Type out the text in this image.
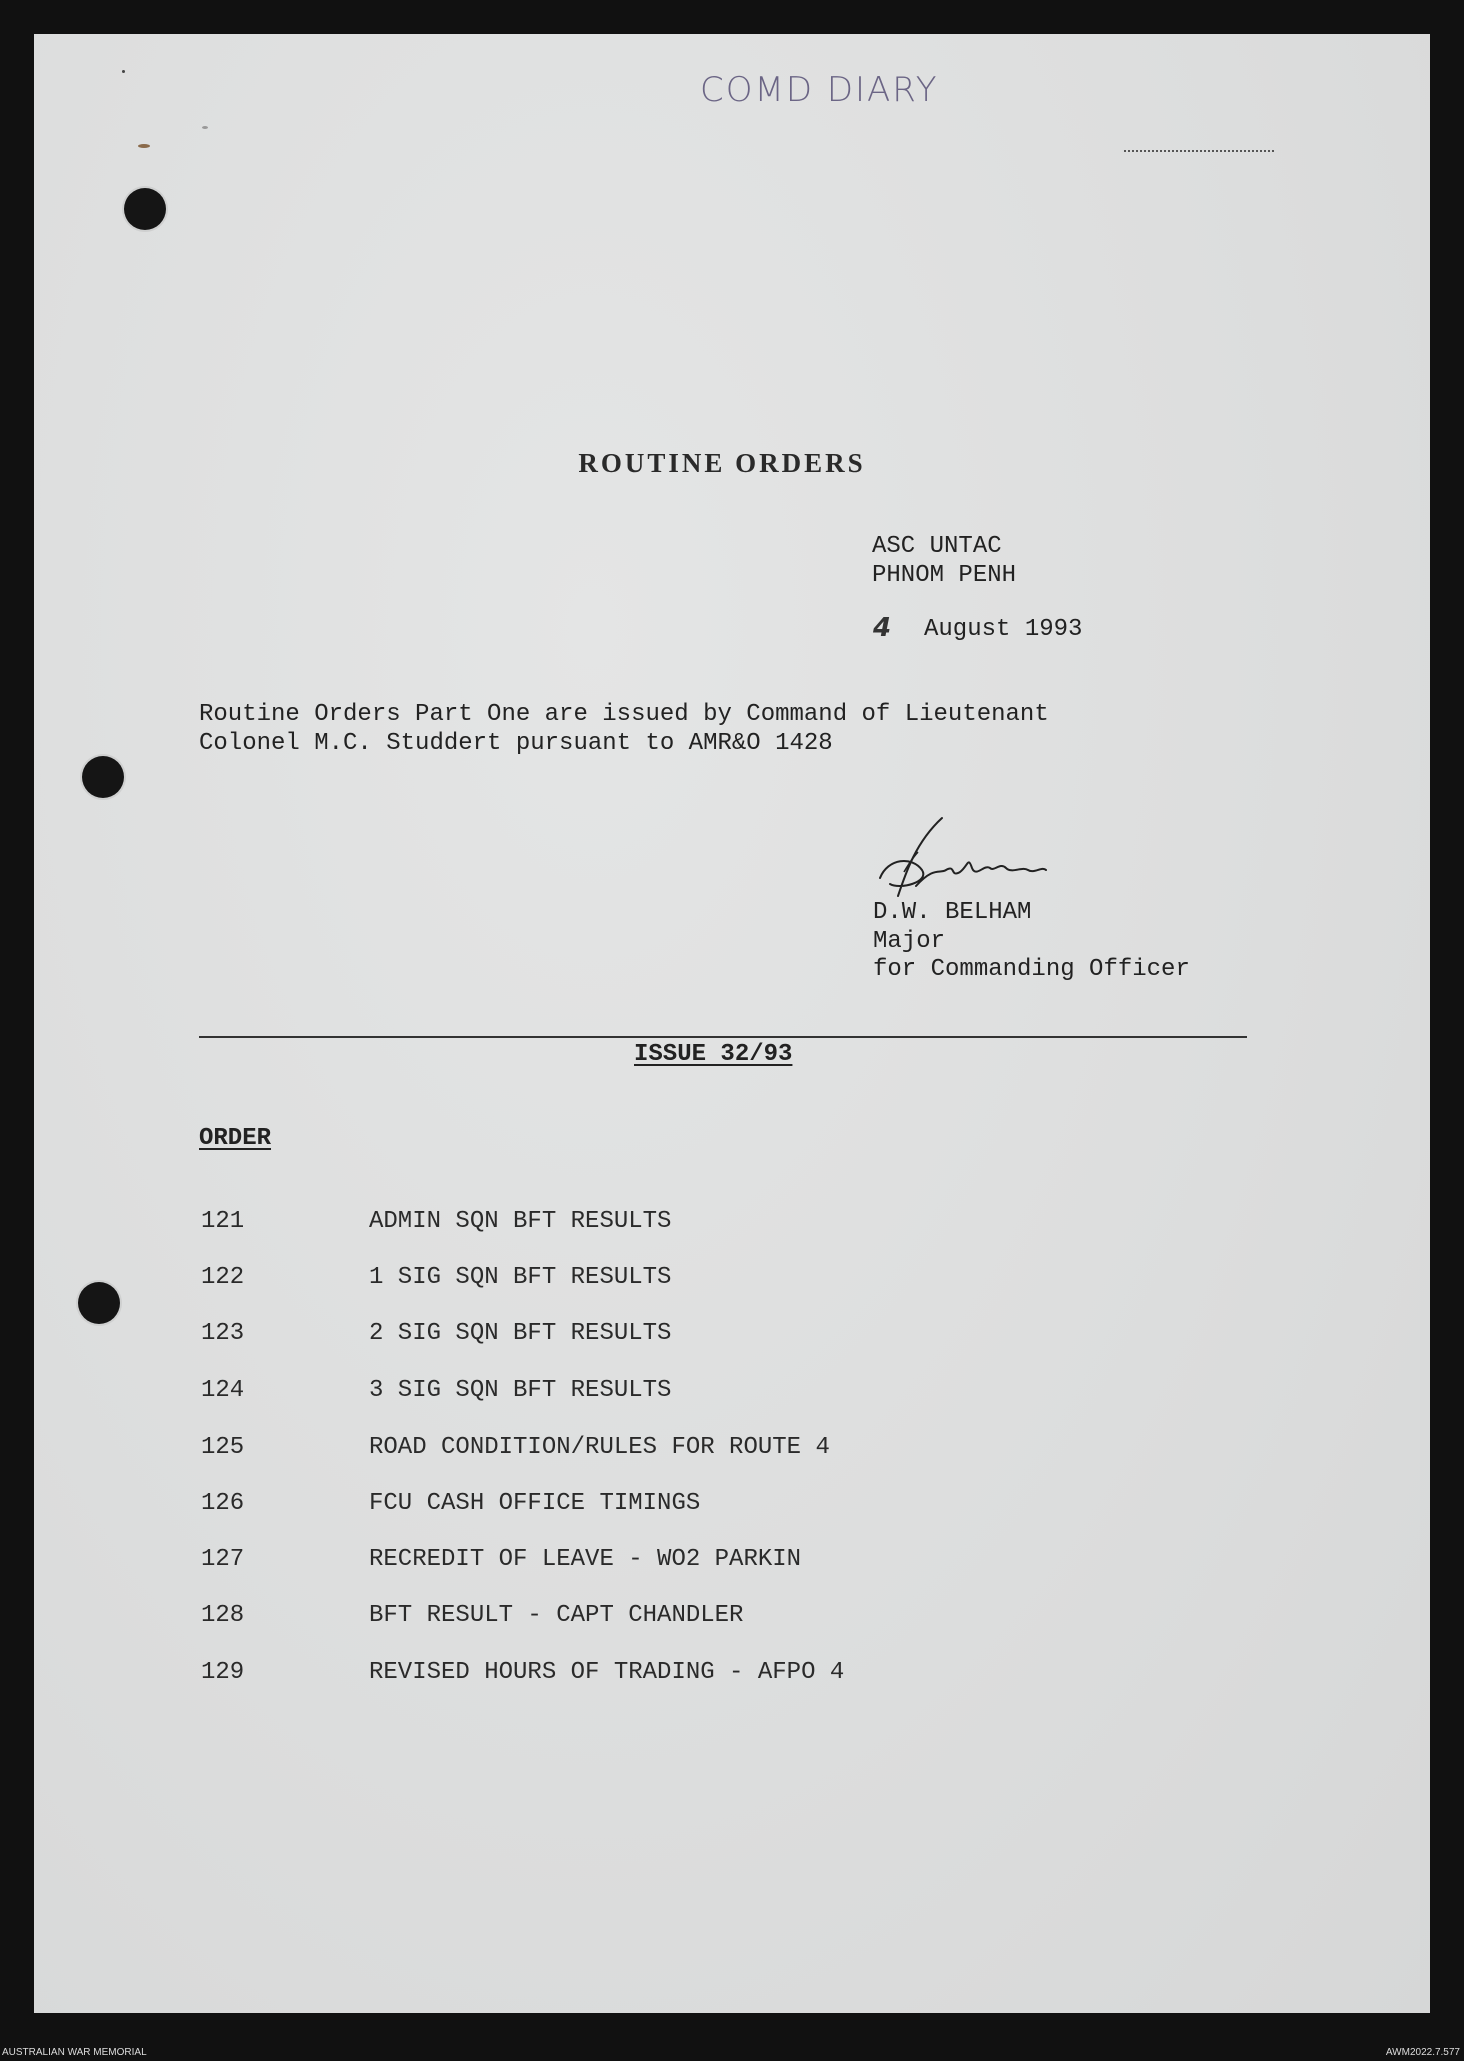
COMD DIARY
ROUTINE ORDERS
ASC UNTAC
PHNOM PENH
4 August 1993
Routine Orders Part One are issued by Command of Lieutenant
Colonel M.C. Studdert pursuant to AMR&O 1428
D.W. BELHAM
Major
for Commanding Officer
ISSUE 32/93
ORDER
121	ADMIN SQN BFT RESULTS
122	1 SIG SQN BFT RESULTS
123	2 SIG SQN BFT RESULTS
124	3 SIG SQN BFT RESULTS
125	ROAD CONDITION/RULES FOR ROUTE 4
126	FCU CASH OFFICE TIMINGS
127	RECREDIT OF LEAVE - WO2 PARKIN
128	BFT RESULT - CAPT CHANDLER
129	REVISED HOURS OF TRADING - AFPO 4
AUSTRALIAN WAR MEMORIAL	AWM2022.7.577
